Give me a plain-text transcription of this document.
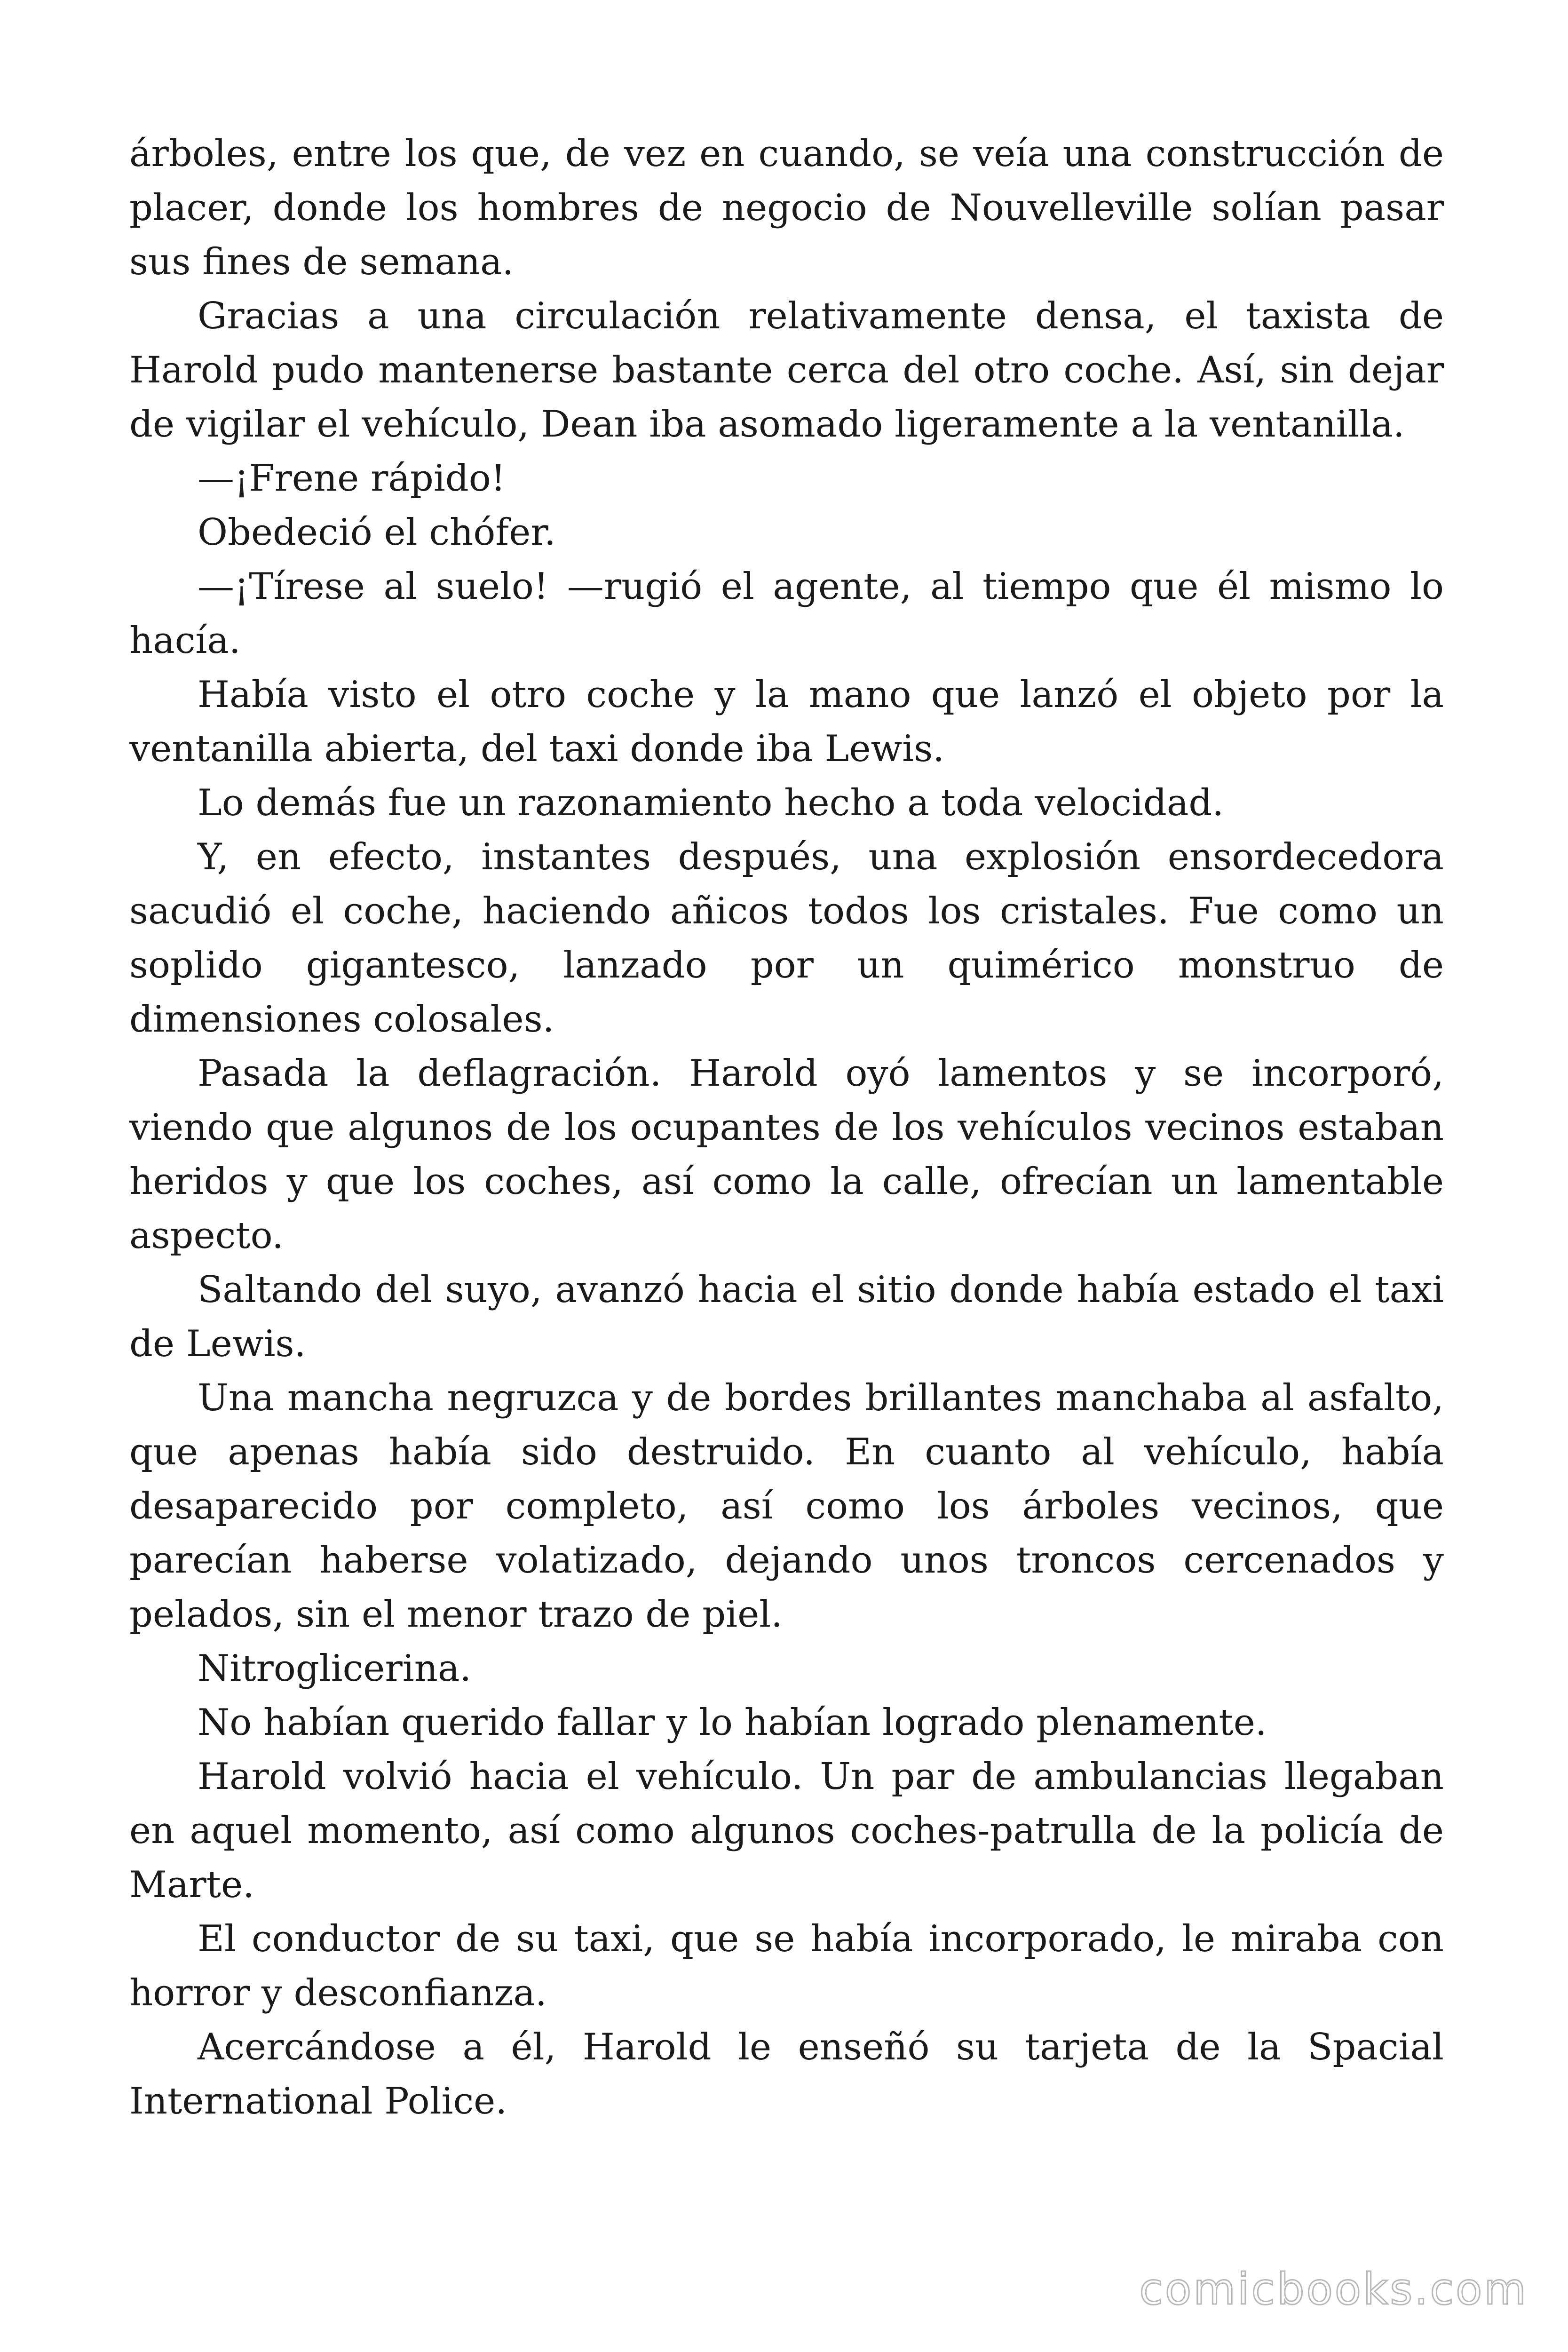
árboles, entre los que, de vez en cuando, se veía una construcción de placer, donde los hombres de negocio de Nouvelleville solían pasar sus fines de semana.

Gracias a una circulación relativamente densa, el taxista de Harold pudo mantenerse bastante cerca del otro coche. Así, sin dejar de vigilar el vehículo, Dean iba asomado ligeramente a la ventanilla.

—¡Frene rápido!

Obedeció el chófer.

—¡Tírese al suelo! —rugió el agente, al tiempo que él mismo lo hacía.

Había visto el otro coche y la mano que lanzó el objeto por la ventanilla abierta, del taxi donde iba Lewis.

Lo demás fue un razonamiento hecho a toda velocidad.

Y, en efecto, instantes después, una explosión ensordecedora sacudió el coche, haciendo añicos todos los cristales. Fue como un soplido gigantesco, lanzado por un quimérico monstruo de dimensiones colosales.

Pasada la deflagración. Harold oyó lamentos y se incorporó, viendo que algunos de los ocupantes de los vehículos vecinos estaban heridos y que los coches, así como la calle, ofrecían un lamentable aspecto.

Saltando del suyo, avanzó hacia el sitio donde había estado el taxi de Lewis.

Una mancha negruzca y de bordes brillantes manchaba al asfalto, que apenas había sido destruido. En cuanto al vehículo, había desaparecido por completo, así como los árboles vecinos, que parecían haberse volatizado, dejando unos troncos cercenados y pelados, sin el menor trazo de piel.

Nitroglicerina.

No habían querido fallar y lo habían logrado plenamente.

Harold volvió hacia el vehículo. Un par de ambulancias llegaban en aquel momento, así como algunos coches-patrulla de la policía de Marte.

El conductor de su taxi, que se había incorporado, le miraba con horror y desconfianza.

Acercándose a él, Harold le enseñó su tarjeta de la Spacial International Police.

comicbooks.com
